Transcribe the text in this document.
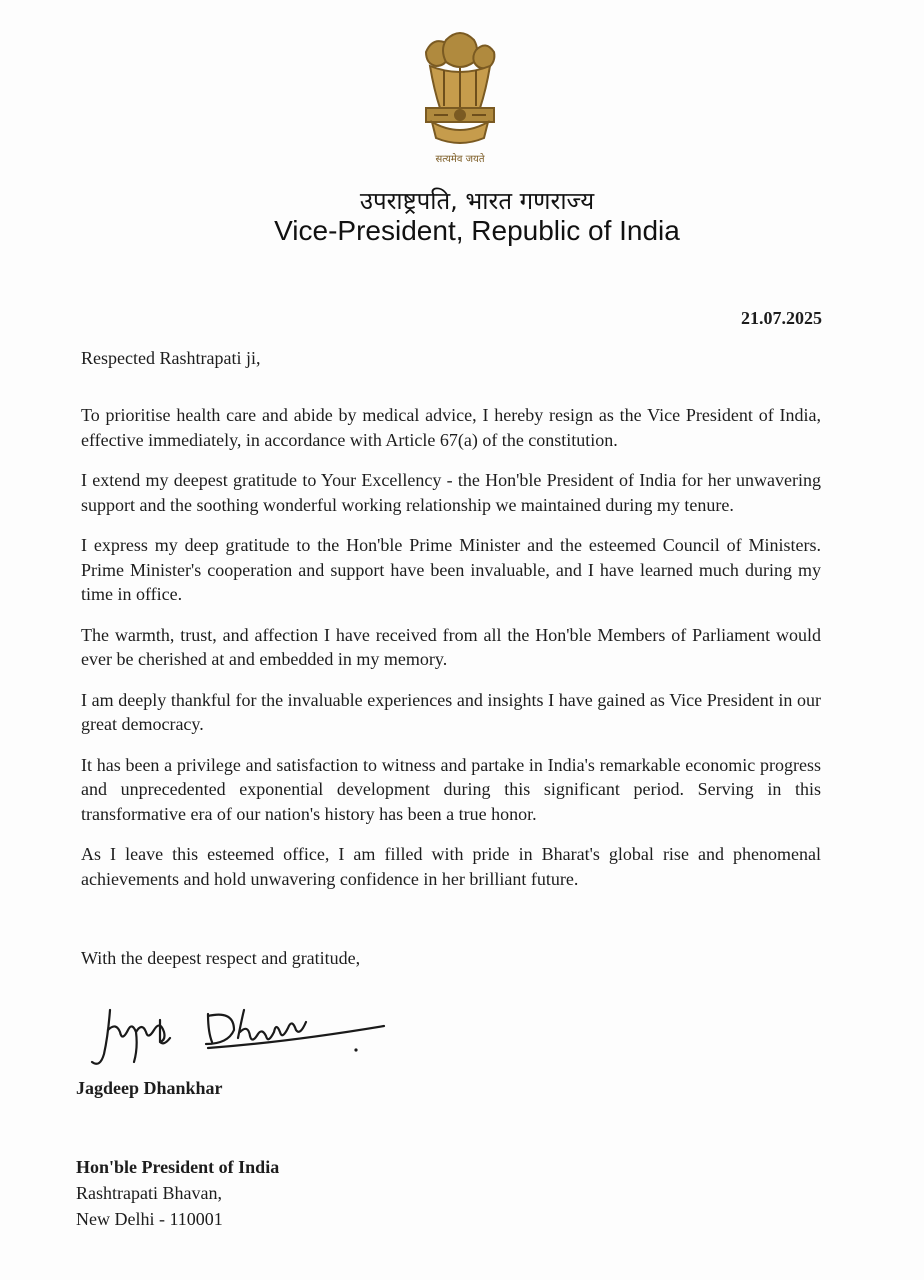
सत्यमेव जयते
उपराष्ट्रपति, भारत गणराज्य
Vice-President, Republic of India
21.07.2025
Respected Rashtrapati ji,

To prioritise health care and abide by medical advice, I hereby resign as the Vice President of India, effective immediately, in accordance with Article 67(a) of the constitution.

I extend my deepest gratitude to Your Excellency - the Hon'ble President of India for her unwavering support and the soothing wonderful working relationship we maintained during my tenure.

I express my deep gratitude to the Hon'ble Prime Minister and the esteemed Council of Ministers. Prime Minister's cooperation and support have been invaluable, and I have learned much during my time in office.

The warmth, trust, and affection I have received from all the Hon'ble Members of Parliament would ever be cherished at and embedded in my memory.

I am deeply thankful for the invaluable experiences and insights I have gained as Vice President in our great democracy.

It has been a privilege and satisfaction to witness and partake in India's remarkable economic progress and unprecedented exponential development during this significant period. Serving in this transformative era of our nation's history has been a true honor.

As I leave this esteemed office, I am filled with pride in Bharat's global rise and phenomenal achievements and hold unwavering confidence in her brilliant future.

With the deepest respect and gratitude,
Jagdeep Dhankhar
Hon'ble President of India
Rashtrapati Bhavan,
New Delhi - 110001
